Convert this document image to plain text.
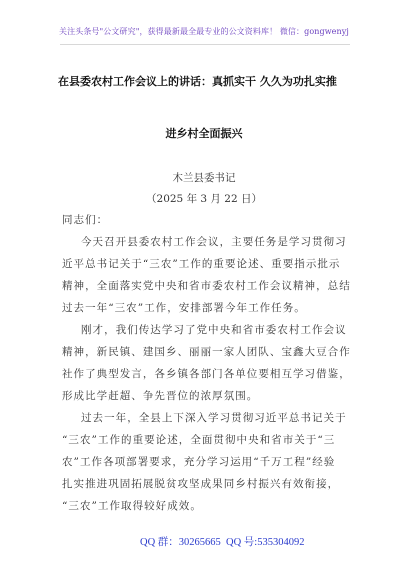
关注头条号"公文研究"，获得最新最全最专业的公文资料库！ 微信：gongwenyj
在县委农村工作会议上的讲话：真抓实干 久久为功扎实推
进乡村全面振兴
木兰县委书记
（2025 年 3 月 22 日）
同志们：
今天召开县委农村工作会议，主要任务是学习贯彻习
近平总书记关于“三农”工作的重要论述、重要指示批示
精神，全面落实党中央和省市委农村工作会议精神，总结
过去一年“三农”工作，安排部署今年工作任务。
刚才，我们传达学习了党中央和省市委农村工作会议
精神，新民镇、建国乡、丽丽一家人团队、宝鑫大豆合作
社作了典型发言，各乡镇各部门各单位要相互学习借鉴，
形成比学赶超、争先晋位的浓厚氛围。
过去一年，全县上下深入学习贯彻习近平总书记关于
“三农”工作的重要论述，全面贯彻中央和省市关于“三
农”工作各项部署要求，充分学习运用“千万工程”经验
扎实推进巩固拓展脱贫攻坚成果同乡村振兴有效衔接，
“三农”工作取得较好成效。
QQ 群：30265665 QQ 号:535304092
